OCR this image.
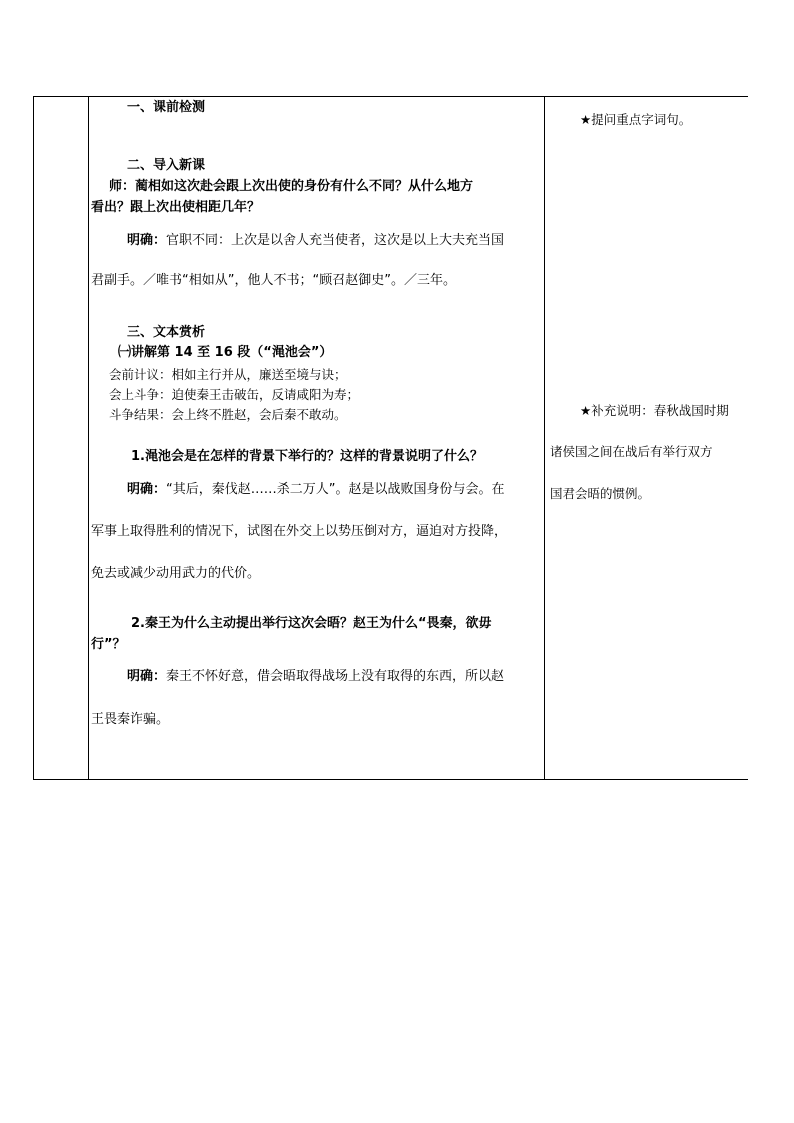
一、课前检测
二、导入新课
师：蔺相如这次赴会跟上次出使的身份有什么不同？从什么地方
看出？跟上次出使相距几年？
明确：官职不同：上次是以舍人充当使者，这次是以上大夫充当国
君副手。／唯书“相如从”，他人不书；“顾召赵御史”。／三年。
三、文本赏析
㈠讲解第 14 至 16 段（“渑池会”）
会前计议：相如主行并从，廉送至境与诀；
会上斗争：迫使秦王击破缶，反请咸阳为寿；
斗争结果：会上终不胜赵，会后秦不敢动。
1.渑池会是在怎样的背景下举行的？这样的背景说明了什么？
明确：“其后，秦伐赵……杀二万人”。赵是以战败国身份与会。在
军事上取得胜利的情况下，试图在外交上以势压倒对方，逼迫对方投降，
免去或减少动用武力的代价。
2.秦王为什么主动提出举行这次会晤？赵王为什么“畏秦，欲毋
行”？
明确：秦王不怀好意，借会晤取得战场上没有取得的东西，所以赵
王畏秦诈骗。
★提问重点字词句。
★补充说明：春秋战国时期
诸侯国之间在战后有举行双方
国君会晤的惯例。
